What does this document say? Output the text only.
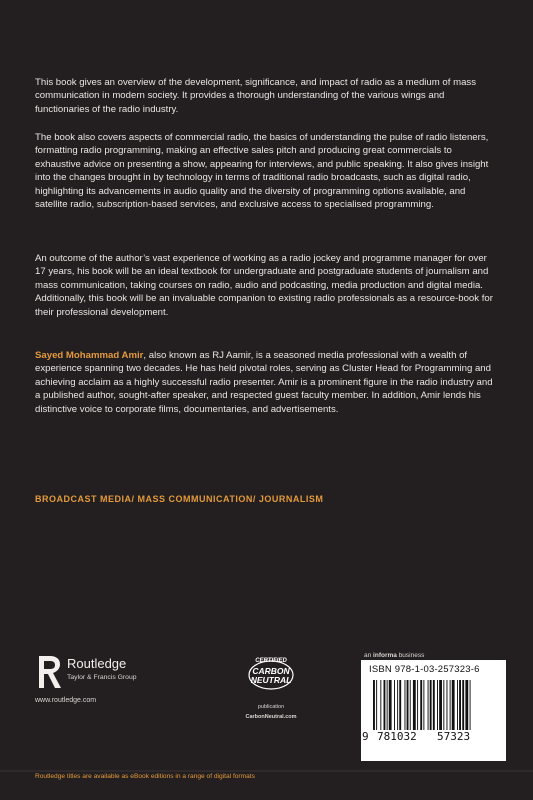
This book gives an overview of the development, significance, and impact of radio as a medium of mass communication in modern society. It provides a thorough understanding of the various wings and functionaries of the radio industry.

The book also covers aspects of commercial radio, the basics of understanding the pulse of radio listeners, formatting radio programming, making an effective sales pitch and producing great commercials to exhaustive advice on presenting a show, appearing for interviews, and public speaking. It also gives insight into the changes brought in by technology in terms of traditional radio broadcasts, such as digital radio, highlighting its advancements in audio quality and the diversity of programming options available, and satellite radio, subscription-based services, and exclusive access to specialised programming.

An outcome of the author’s vast experience of working as a radio jockey and programme manager for over 17 years, his book will be an ideal textbook for undergraduate and postgraduate students of journalism and mass communication, taking courses on radio, audio and podcasting, media production and digital media. Additionally, this book will be an invaluable companion to existing radio professionals as a resource-book for their professional development.

Sayed Mohammad Amir, also known as RJ Aamir, is a seasoned media professional with a wealth of experience spanning two decades. He has held pivotal roles, serving as Cluster Head for Programming and achieving acclaim as a highly successful radio presenter. Amir is a prominent figure in the radio industry and a published author, sought-after speaker, and respected guest faculty member. In addition, Amir lends his distinctive voice to corporate films, documentaries, and advertisements.

BROADCAST MEDIA/ MASS COMMUNICATION/ JOURNALISM

ROUTLEDGE Routledge
Taylor & Francis Group

www.routledge.com

CERTIFIED
CARBON
NEUTRAL
publication
CarbonNeutral.com

an informa business

ISBN 978-1-03-257323-6
9 781032 57323

Routledge titles are available as eBook editions in a range of digital formats
